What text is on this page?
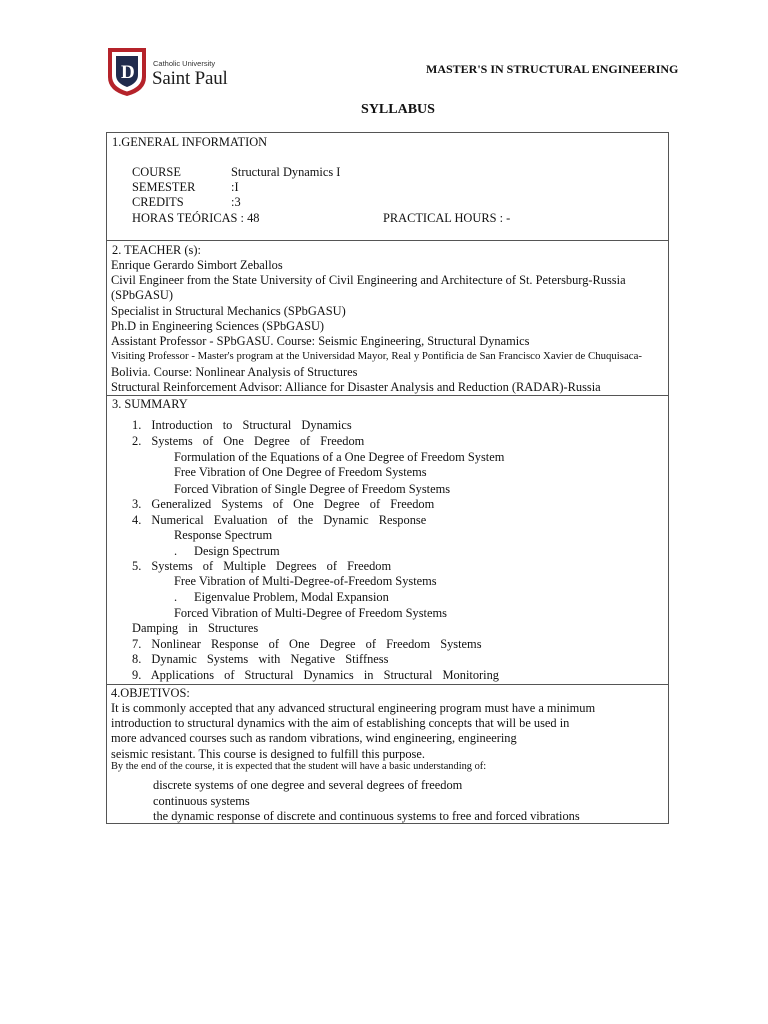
D Catholic University
Saint Paul	MASTER'S IN STRUCTURAL ENGINEERING
SYLLABUS
1.GENERAL INFORMATION
COURSE	Structural Dynamics I
SEMESTER	:I
CREDITS	:3
HORAS TEÓRICAS : 48	PRACTICAL HOURS : -
2. TEACHER (s):
Enrique Gerardo Simbort Zeballos
Civil Engineer from the State University of Civil Engineering and Architecture of St. Petersburg-Russia
(SPbGASU)
Specialist in Structural Mechanics (SPbGASU)
Ph.D in Engineering Sciences (SPbGASU)
Assistant Professor - SPbGASU. Course: Seismic Engineering, Structural Dynamics
Visiting Professor - Master's program at the Universidad Mayor, Real y Pontificia de San Francisco Xavier de Chuquisaca-
Bolivia. Course: Nonlinear Analysis of Structures
Structural Reinforcement Advisor: Alliance for Disaster Analysis and Reduction (RADAR)-Russia
3. SUMMARY
1. Introduction to Structural Dynamics
2. Systems of One Degree of Freedom
Formulation of the Equations of a One Degree of Freedom System
Free Vibration of One Degree of Freedom Systems
Forced Vibration of Single Degree of Freedom Systems
3. Generalized Systems of One Degree of Freedom
4. Numerical Evaluation of the Dynamic Response
Response Spectrum
. Design Spectrum
5. Systems of Multiple Degrees of Freedom
Free Vibration of Multi-Degree-of-Freedom Systems
. Eigenvalue Problem, Modal Expansion
Forced Vibration of Multi-Degree of Freedom Systems
Damping in Structures
7. Nonlinear Response of One Degree of Freedom Systems
8. Dynamic Systems with Negative Stiffness
9. Applications of Structural Dynamics in Structural Monitoring
4.OBJETIVOS:
It is commonly accepted that any advanced structural engineering program must have a minimum
introduction to structural dynamics with the aim of establishing concepts that will be used in
more advanced courses such as random vibrations, wind engineering, engineering
seismic resistant. This course is designed to fulfill this purpose.
By the end of the course, it is expected that the student will have a basic understanding of:
discrete systems of one degree and several degrees of freedom
continuous systems
the dynamic response of discrete and continuous systems to free and forced vibrations
